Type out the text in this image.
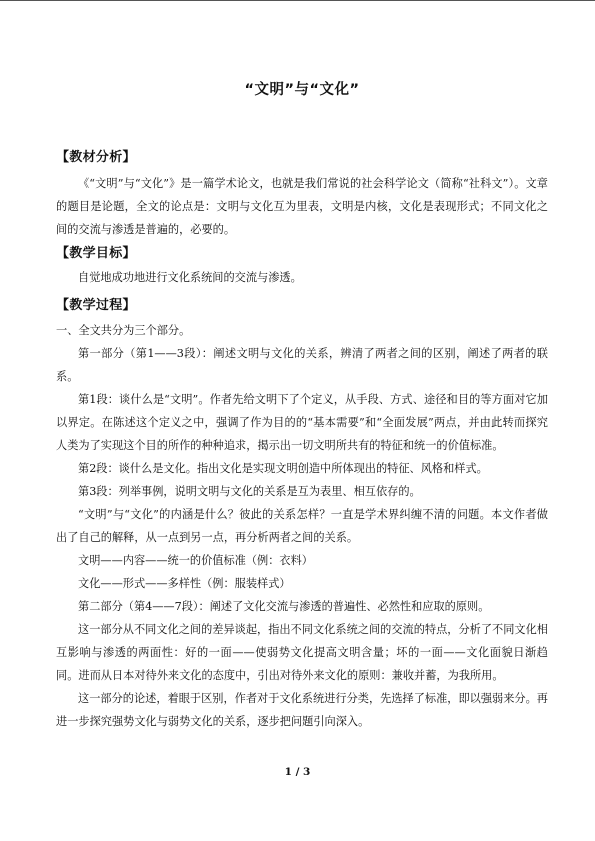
“文明”与“文化”
【教材分析】

《“文明”与“文化”》是一篇学术论文，也就是我们常说的社会科学论文（简称“社科文”）。文章的题目是论题，全文的论点是：文明与文化互为里表，文明是内核，文化是表现形式；不同文化之间的交流与渗透是普遍的，必要的。

【教学目标】

自觉地成功地进行文化系统间的交流与渗透。

【教学过程】

一、全文共分为三个部分。

第一部分（第1——3段）：阐述文明与文化的关系，辨清了两者之间的区别，阐述了两者的联系。

第1段：谈什么是“文明”。作者先给文明下了个定义，从手段、方式、途径和目的等方面对它加以界定。在陈述这个定义之中，强调了作为目的的“基本需要”和“全面发展”两点，并由此转而探究人类为了实现这个目的所作的种种追求，揭示出一切文明所共有的特征和统一的价值标准。

第2段：谈什么是文化。指出文化是实现文明创造中所体现出的特征、风格和样式。

第3段：列举事例，说明文明与文化的关系是互为表里、相互依存的。

“文明”与“文化”的内涵是什么？彼此的关系怎样？一直是学术界纠缠不清的问题。本文作者做出了自己的解释，从一点到另一点，再分析两者之间的关系。

文明——内容——统一的价值标准（例：衣料）

文化——形式——多样性（例：服装样式）

第二部分（第4——7段）：阐述了文化交流与渗透的普遍性、必然性和应取的原则。

这一部分从不同文化之间的差异谈起，指出不同文化系统之间的交流的特点，分析了不同文化相互影响与渗透的两面性：好的一面——使弱势文化提高文明含量；坏的一面——文化面貌日渐趋同。进而从日本对待外来文化的态度中，引出对待外来文化的原则：兼收并蓄，为我所用。

这一部分的论述，着眼于区别，作者对于文化系统进行分类，先选择了标准，即以强弱来分。再进一步探究强势文化与弱势文化的关系，逐步把问题引向深入。

1 / 3
